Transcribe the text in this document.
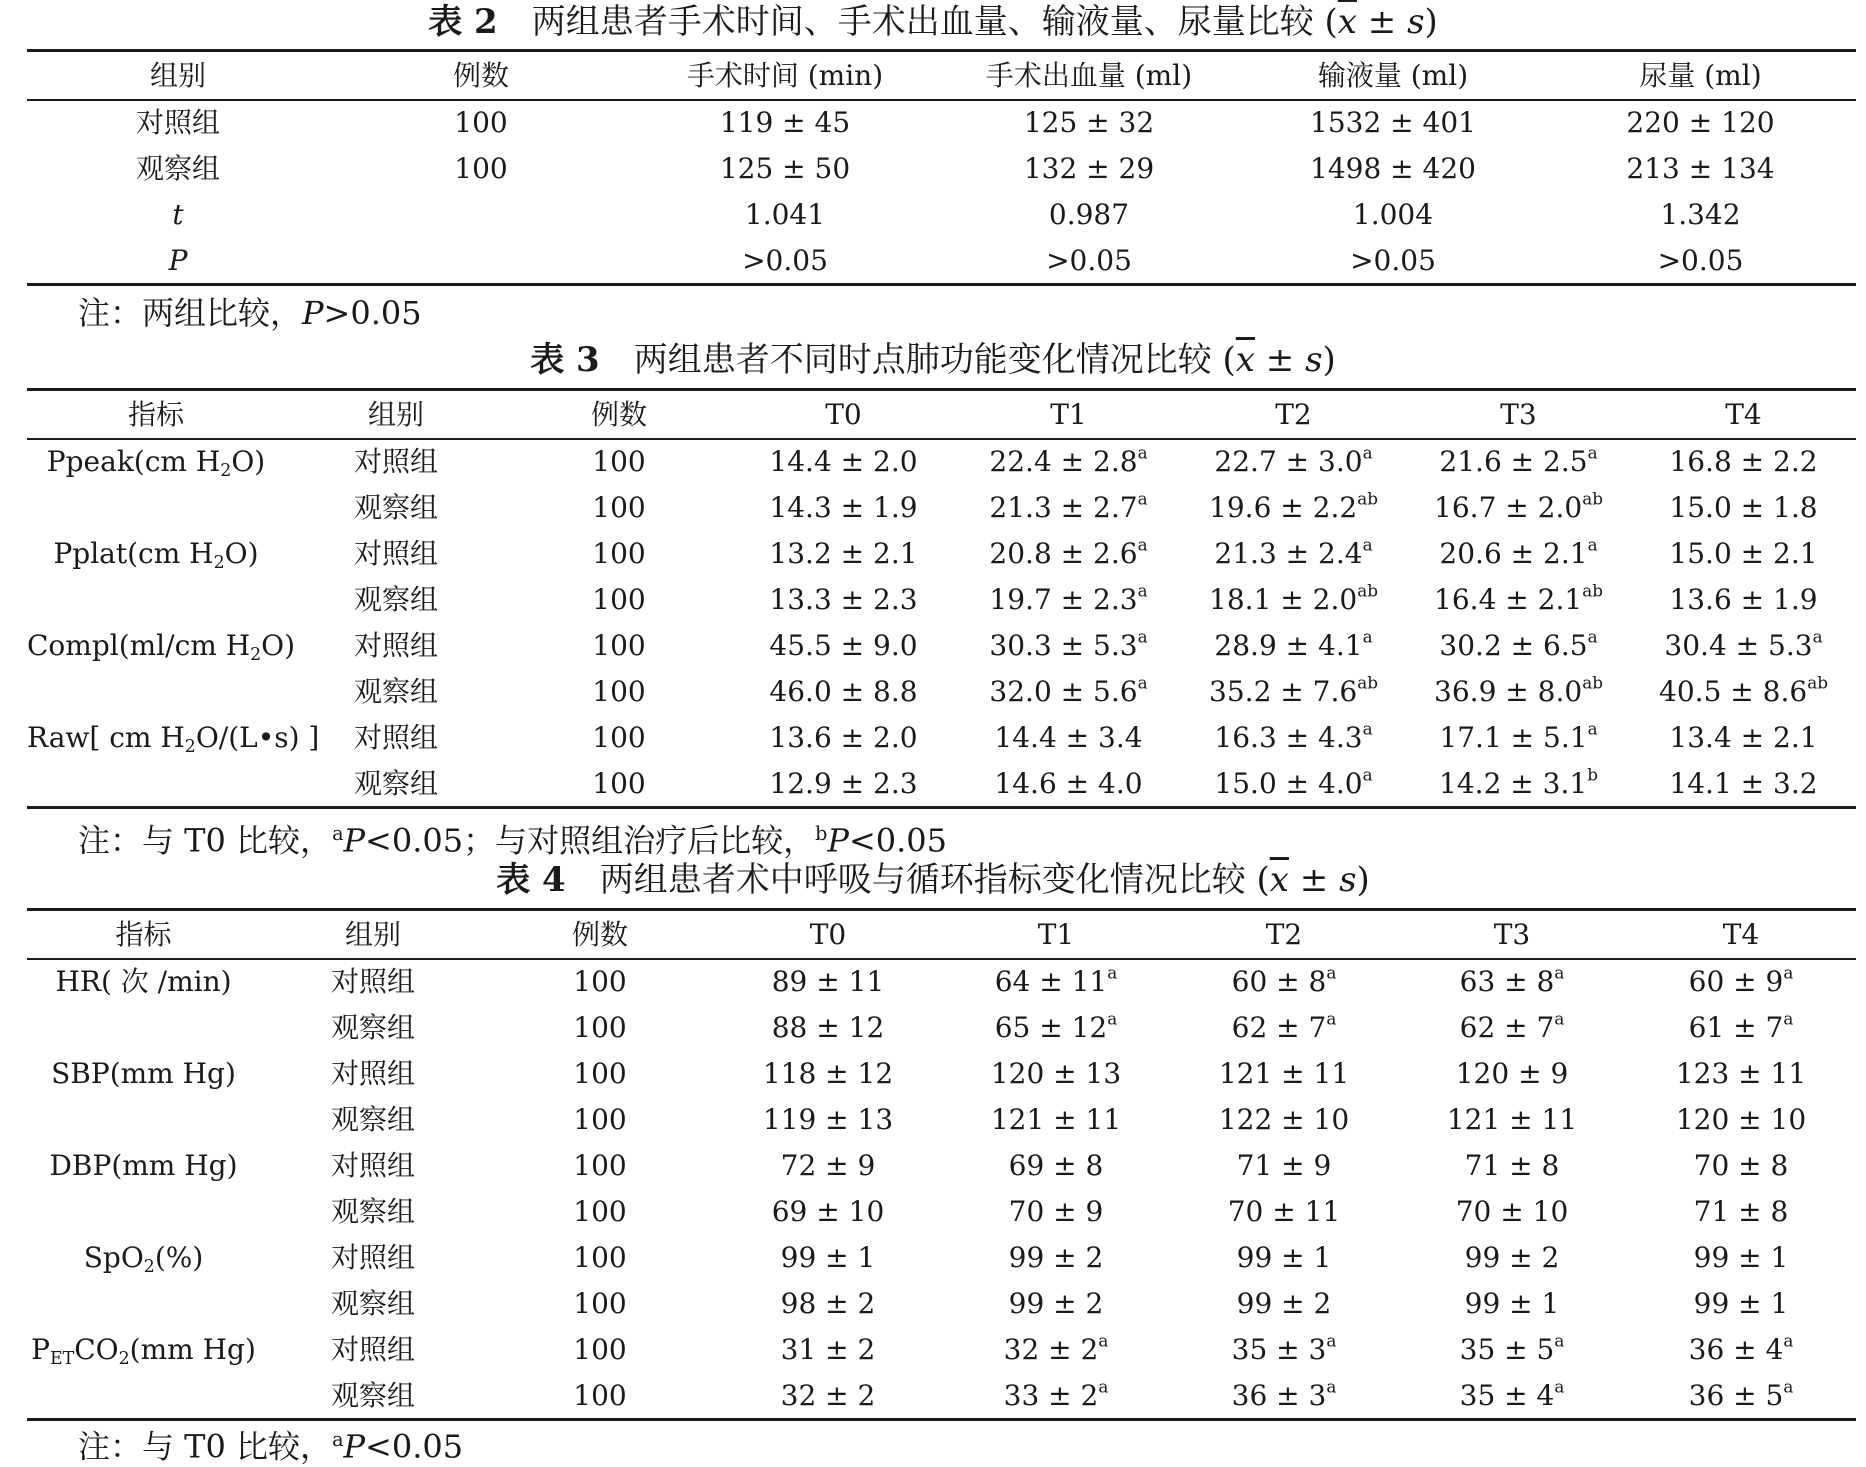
表 2 两组患者手术时间、手术出血量、输液量、尿量比较 $(\overline{x} \pm s)$
组别	例数	手术时间 (min)	手术出血量 (ml)	输液量 (ml)	尿量 (ml)
对照组	100	119 ± 45	125 ± 32	1532 ± 401	220 ± 120
观察组	100	125 ± 50	132 ± 29	1498 ± 420	213 ± 134
t		1.041	0.987	1.004	1.342
P		>0.05	>0.05	>0.05	>0.05
注：两组比较，P>0.05
表 3 两组患者不同时点肺功能变化情况比较 $(\overline{x} \pm s)$
指标	组别	例数	T0	T1	T2	T3	T4
Ppeak(cm $H_2O$)	对照组	100	14.4 ± 2.0	22.4 ± 2.8$^a$	22.7 ± 3.0$^a$	21.6 ± 2.5$^a$	16.8 ± 2.2
	观察组	100	14.3 ± 1.9	21.3 ± 2.7$^a$	19.6 ± 2.2$^{ab}$	16.7 ± 2.0$^{ab}$	15.0 ± 1.8
Pplat(cm $H_2O$)	对照组	100	13.2 ± 2.1	20.8 ± 2.6$^a$	21.3 ± 2.4$^a$	20.6 ± 2.1$^a$	15.0 ± 2.1
	观察组	100	13.3 ± 2.3	19.7 ± 2.3$^a$	18.1 ± 2.0$^{ab}$	16.4 ± 2.1$^{ab}$	13.6 ± 1.9
Compl(ml/cm $H_2O$)	对照组	100	45.5 ± 9.0	30.3 ± 5.3$^a$	28.9 ± 4.1$^a$	30.2 ± 6.5$^a$	30.4 ± 5.3$^a$
	观察组	100	46.0 ± 8.8	32.0 ± 5.6$^a$	35.2 ± 7.6$^{ab}$	36.9 ± 8.0$^{ab}$	40.5 ± 8.6$^{ab}$
Raw[ cm $H_2O/(L•s)$ ]	对照组	100	13.6 ± 2.0	14.4 ± 3.4	16.3 ± 4.3$^a$	17.1 ± 5.1$^a$	13.4 ± 2.1
	观察组	100	12.9 ± 2.3	14.6 ± 4.0	15.0 ± 4.0$^a$	14.2 ± 3.1$^b$	14.1 ± 3.2
注：与 T0 比较，$^a$P<0.05；与对照组治疗后比较，$^b$P<0.05
表 4 两组患者术中呼吸与循环指标变化情况比较 $(\overline{x} \pm s)$
指标	组别	例数	T0	T1	T2	T3	T4
HR( 次 /min)	对照组	100	89 ± 11	$64 \pm 11^a$	$60 \pm 8^a$	$63 \pm 8^a$	$60 \pm 9^a$
	观察组	100	88 ± 12	$65 \pm 12^a$	$62 \pm 7^a$	$62 \pm 7^a$	$61 \pm 7^a$
SBP(mm Hg)	对照组	100	118 ± 12	120 ± 13	121 ± 11	120 ± 9	123 ± 11
	观察组	100	119 ± 13	121 ± 11	122 ± 10	121 ± 11	120 ± 10
DBP(mm Hg)	对照组	100	72 ± 9	69 ± 8	71 ± 9	71 ± 8	70 ± 8
	观察组	100	69 ± 10	70 ± 9	70 ± 11	70 ± 10	71 ± 8
SpO$_2$(%)	对照组	100	99 ± 1	99 ± 2	99 ± 1	99 ± 2	99 ± 1
	观察组	100	98 ± 2	99 ± 2	99 ± 2	99 ± 1	99 ± 1
$P_{ET}CO_2(mm$ Hg)	对照组	100	31 ± 2	$32 \pm 2^a$	$35 \pm 3^a$	$35 \pm 5^a$	$36 \pm 4^a$
	观察组	100	32 ± 2	$33 \pm 2^a$	$36 \pm 3^a$	$35 \pm 4^a$	$36 \pm 5^a$
注：与 T0 比较，$^a$P<0.05
